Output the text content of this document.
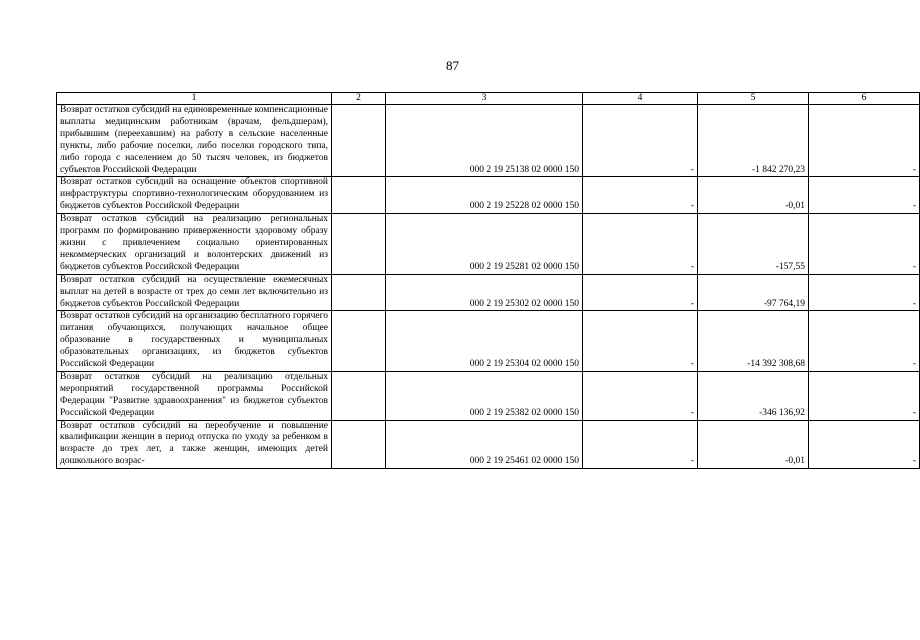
87
1	2	3	4	5	6
Возврат остатков субсидий на единовременные компенсационные выплаты медицинским работникам (врачам, фельдшерам), прибывшим (переехавшим) на работу в сельские населенные пункты, либо рабочие поселки, либо поселки городского типа, либо города с населением до 50 тысяч человек, из бюджетов субъектов Российской Федерации		000 2 19 25138 02 0000 150	-	-1 842 270,23	-
Возврат остатков субсидий на оснащение объектов спортивной инфраструктуры спортивно-технологическим оборудованием из бюджетов субъектов Российской Федерации		000 2 19 25228 02 0000 150	-	-0,01	-
Возврат остатков субсидий на реализацию региональных программ по формированию приверженности здоровому образу жизни с привлечением социально ориентированных некоммерческих организаций и волонтерских движений из бюджетов субъектов Российской Федерации		000 2 19 25281 02 0000 150	-	-157,55	-
Возврат остатков субсидий на осуществление ежемесячных выплат на детей в возрасте от трех до семи лет включительно из бюджетов субъектов Российской Федерации		000 2 19 25302 02 0000 150	-	-97 764,19	-
Возврат остатков субсидий на организацию бесплатного горячего питания обучающихся, получающих начальное общее образование в государственных и муниципальных образовательных организациях, из бюджетов субъектов Российской Федерации		000 2 19 25304 02 0000 150	-	-14 392 308,68	-
Возврат остатков субсидий на реализацию отдельных мероприятий государственной программы Российской Федерации "Развитие здравоохранения" из бюджетов субъектов Российской Федерации		000 2 19 25382 02 0000 150	-	-346 136,92	-
Возврат остатков субсидий на переобучение и повышение квалификации женщин в период отпуска по уходу за ребенком в возрасте до трех лет, а также женщин, имеющих детей дошкольного возрас-		000 2 19 25461 02 0000 150	-	-0,01	-
